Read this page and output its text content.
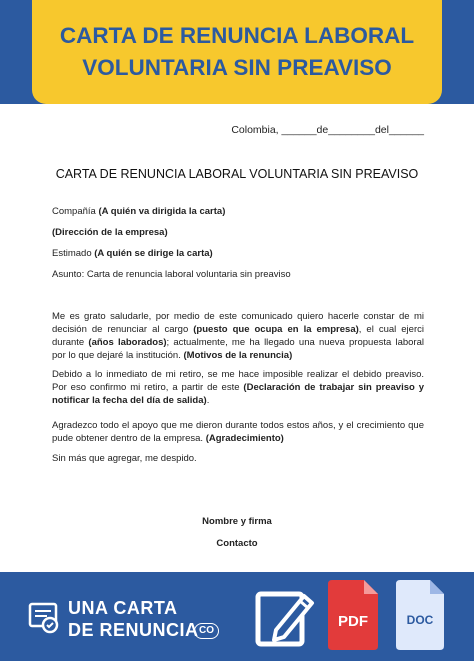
CARTA DE RENUNCIA LABORAL
VOLUNTARIA SIN PREAVISO
Colombia, ______de________del______
CARTA DE RENUNCIA LABORAL VOLUNTARIA SIN PREAVISO
Compañía (A quién va dirigida la carta)
(Dirección de la empresa)
Estimado (A quién se dirige la carta)
Asunto: Carta de renuncia laboral voluntaria sin preaviso

Me es grato saludarle, por medio de este comunicado quiero hacerle constar de mi decisión de renunciar al cargo (puesto que ocupa en la empresa), el cual ejerci durante (años laborados); actualmente, me ha llegado una nueva propuesta laboral por lo que dejaré la institución. (Motivos de la renuncia)

Debido a lo inmediato de mi retiro, se me hace imposible realizar el debido preaviso. Por eso confirmo mi retiro, a partir de este (Declaración de trabajar sin preaviso y notificar la fecha del día de salida).

Agradezco todo el apoyo que me dieron durante todos estos años, y el crecimiento que pude obtener dentro de la empresa. (Agradecimiento)

Sin más que agregar, me despido.
Nombre y firma
Contacto
UNA CARTA
DE RENUNCIA CO
PDF	DOC
